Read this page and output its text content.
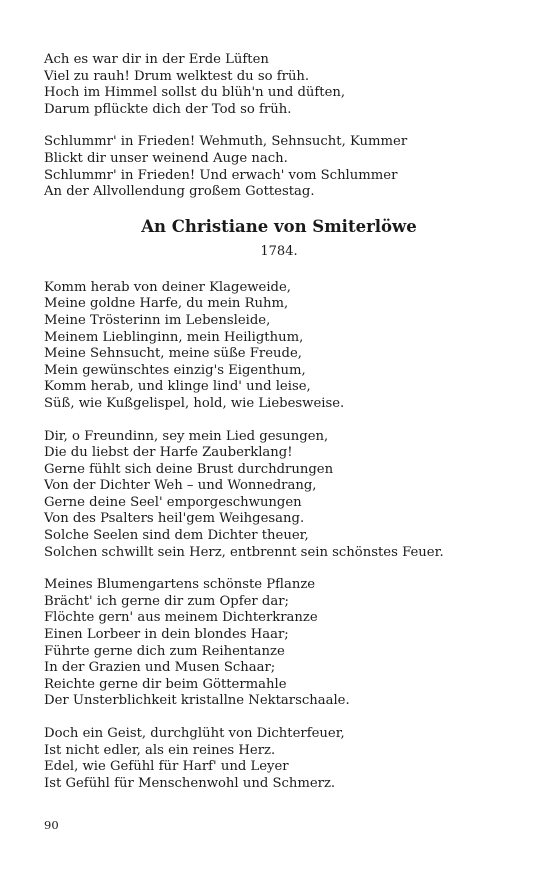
Ach es war dir in der Erde Lüften
Viel zu rauh! Drum welktest du so früh.
Hoch im Himmel sollst du blüh'n und düften,
Darum pflückte dich der Tod so früh.
Schlummr' in Frieden! Wehmuth, Sehnsucht, Kummer
Blickt dir unser weinend Auge nach.
Schlummr' in Frieden! Und erwach' vom Schlummer
An der Allvollendung großem Gottestag.
An Christiane von Smiterlöwe
1784.
Komm herab von deiner Klageweide,
Meine goldne Harfe, du mein Ruhm,
Meine Trösterinn im Lebensleide,
Meinem Lieblinginn, mein Heiligthum,
Meine Sehnsucht, meine süße Freude,
Mein gewünschtes einzig's Eigenthum,
Komm herab, und klinge lind' und leise,
Süß, wie Kußgelispel, hold, wie Liebesweise.
Dir, o Freundinn, sey mein Lied gesungen,
Die du liebst der Harfe Zauberklang!
Gerne fühlt sich deine Brust durchdrungen
Von der Dichter Weh – und Wonnedrang,
Gerne deine Seel' emporgeschwungen
Von des Psalters heil'gem Weihgesang.
Solche Seelen sind dem Dichter theuer,
Solchen schwillt sein Herz, entbrennt sein schönstes Feuer.
Meines Blumengartens schönste Pflanze
Brächt' ich gerne dir zum Opfer dar;
Flöchte gern' aus meinem Dichterkranze
Einen Lorbeer in dein blondes Haar;
Führte gerne dich zum Reihentanze
In der Grazien und Musen Schaar;
Reichte gerne dir beim Göttermahle
Der Unsterblichkeit kristallne Nektarschaale.
Doch ein Geist, durchglüht von Dichterfeuer,
Ist nicht edler, als ein reines Herz.
Edel, wie Gefühl für Harf' und Leyer
Ist Gefühl für Menschenwohl und Schmerz.
90
